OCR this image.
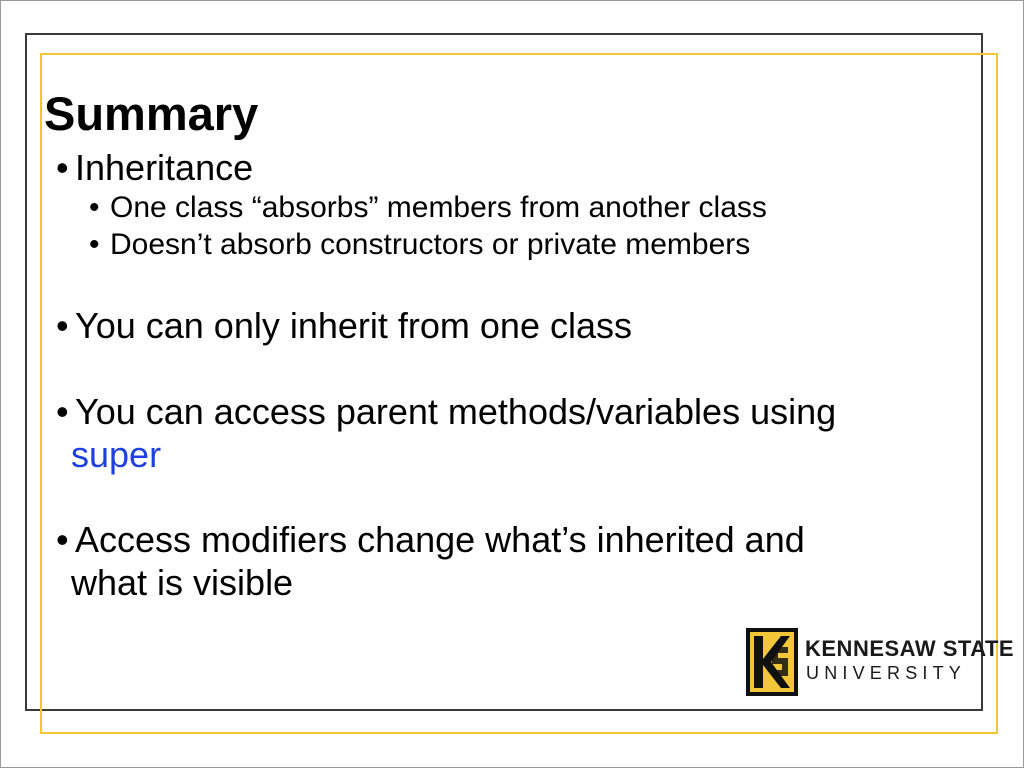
Summary
• Inheritance
• One class “absorbs” members from another class
• Doesn’t absorb constructors or private members
• You can only inherit from one class
• You can access parent methods/variables using
super
• Access modifiers change what’s inherited and
what is visible
KENNESAW STATE
UNIVERSITY
